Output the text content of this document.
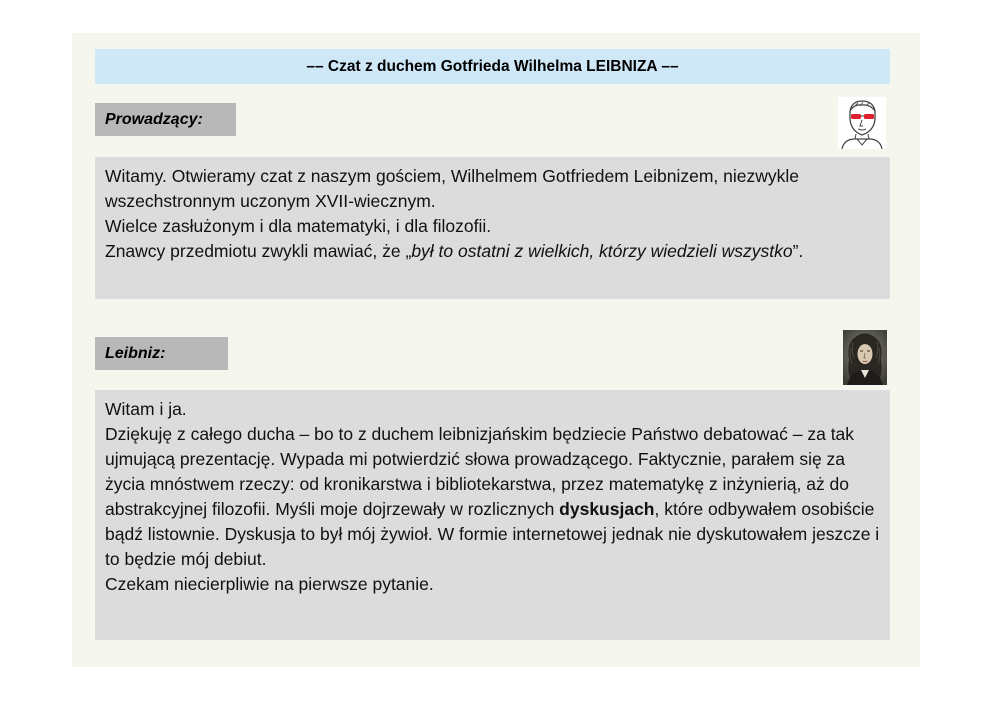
–– Czat z duchem Gotfrieda Wilhelma LEIBNIZA ––
Prowadzący:

Witamy. Otwieramy czat z naszym gościem, Wilhelmem Gotfriedem Leibnizem, niezwykle wszechstronnym uczonym XVII-wiecznym.

Wielce zasłużonym i dla matematyki, i dla filozofii.

Znawcy przedmiotu zwykli mawiać, że „był to ostatni z wielkich, którzy wiedzieli wszystko”.

Leibniz:

Witam i ja.

Dziękuję z całego ducha – bo to z duchem leibnizjańskim będziecie Państwo debatować – za tak ujmującą prezentację. Wypada mi potwierdzić słowa prowadzącego. Faktycznie, parałem się za życia mnóstwem rzeczy: od kronikarstwa i bibliotekarstwa, przez matematykę z inżynierią, aż do abstrakcyjnej filozofii. Myśli moje dojrzewały w rozlicznych dyskusjach, które odbywałem osobiście bądź listownie. Dyskusja to był mój żywioł. W formie internetowej jednak nie dyskutowałem jeszcze i to będzie mój debiut.

Czekam niecierpliwie na pierwsze pytanie.
